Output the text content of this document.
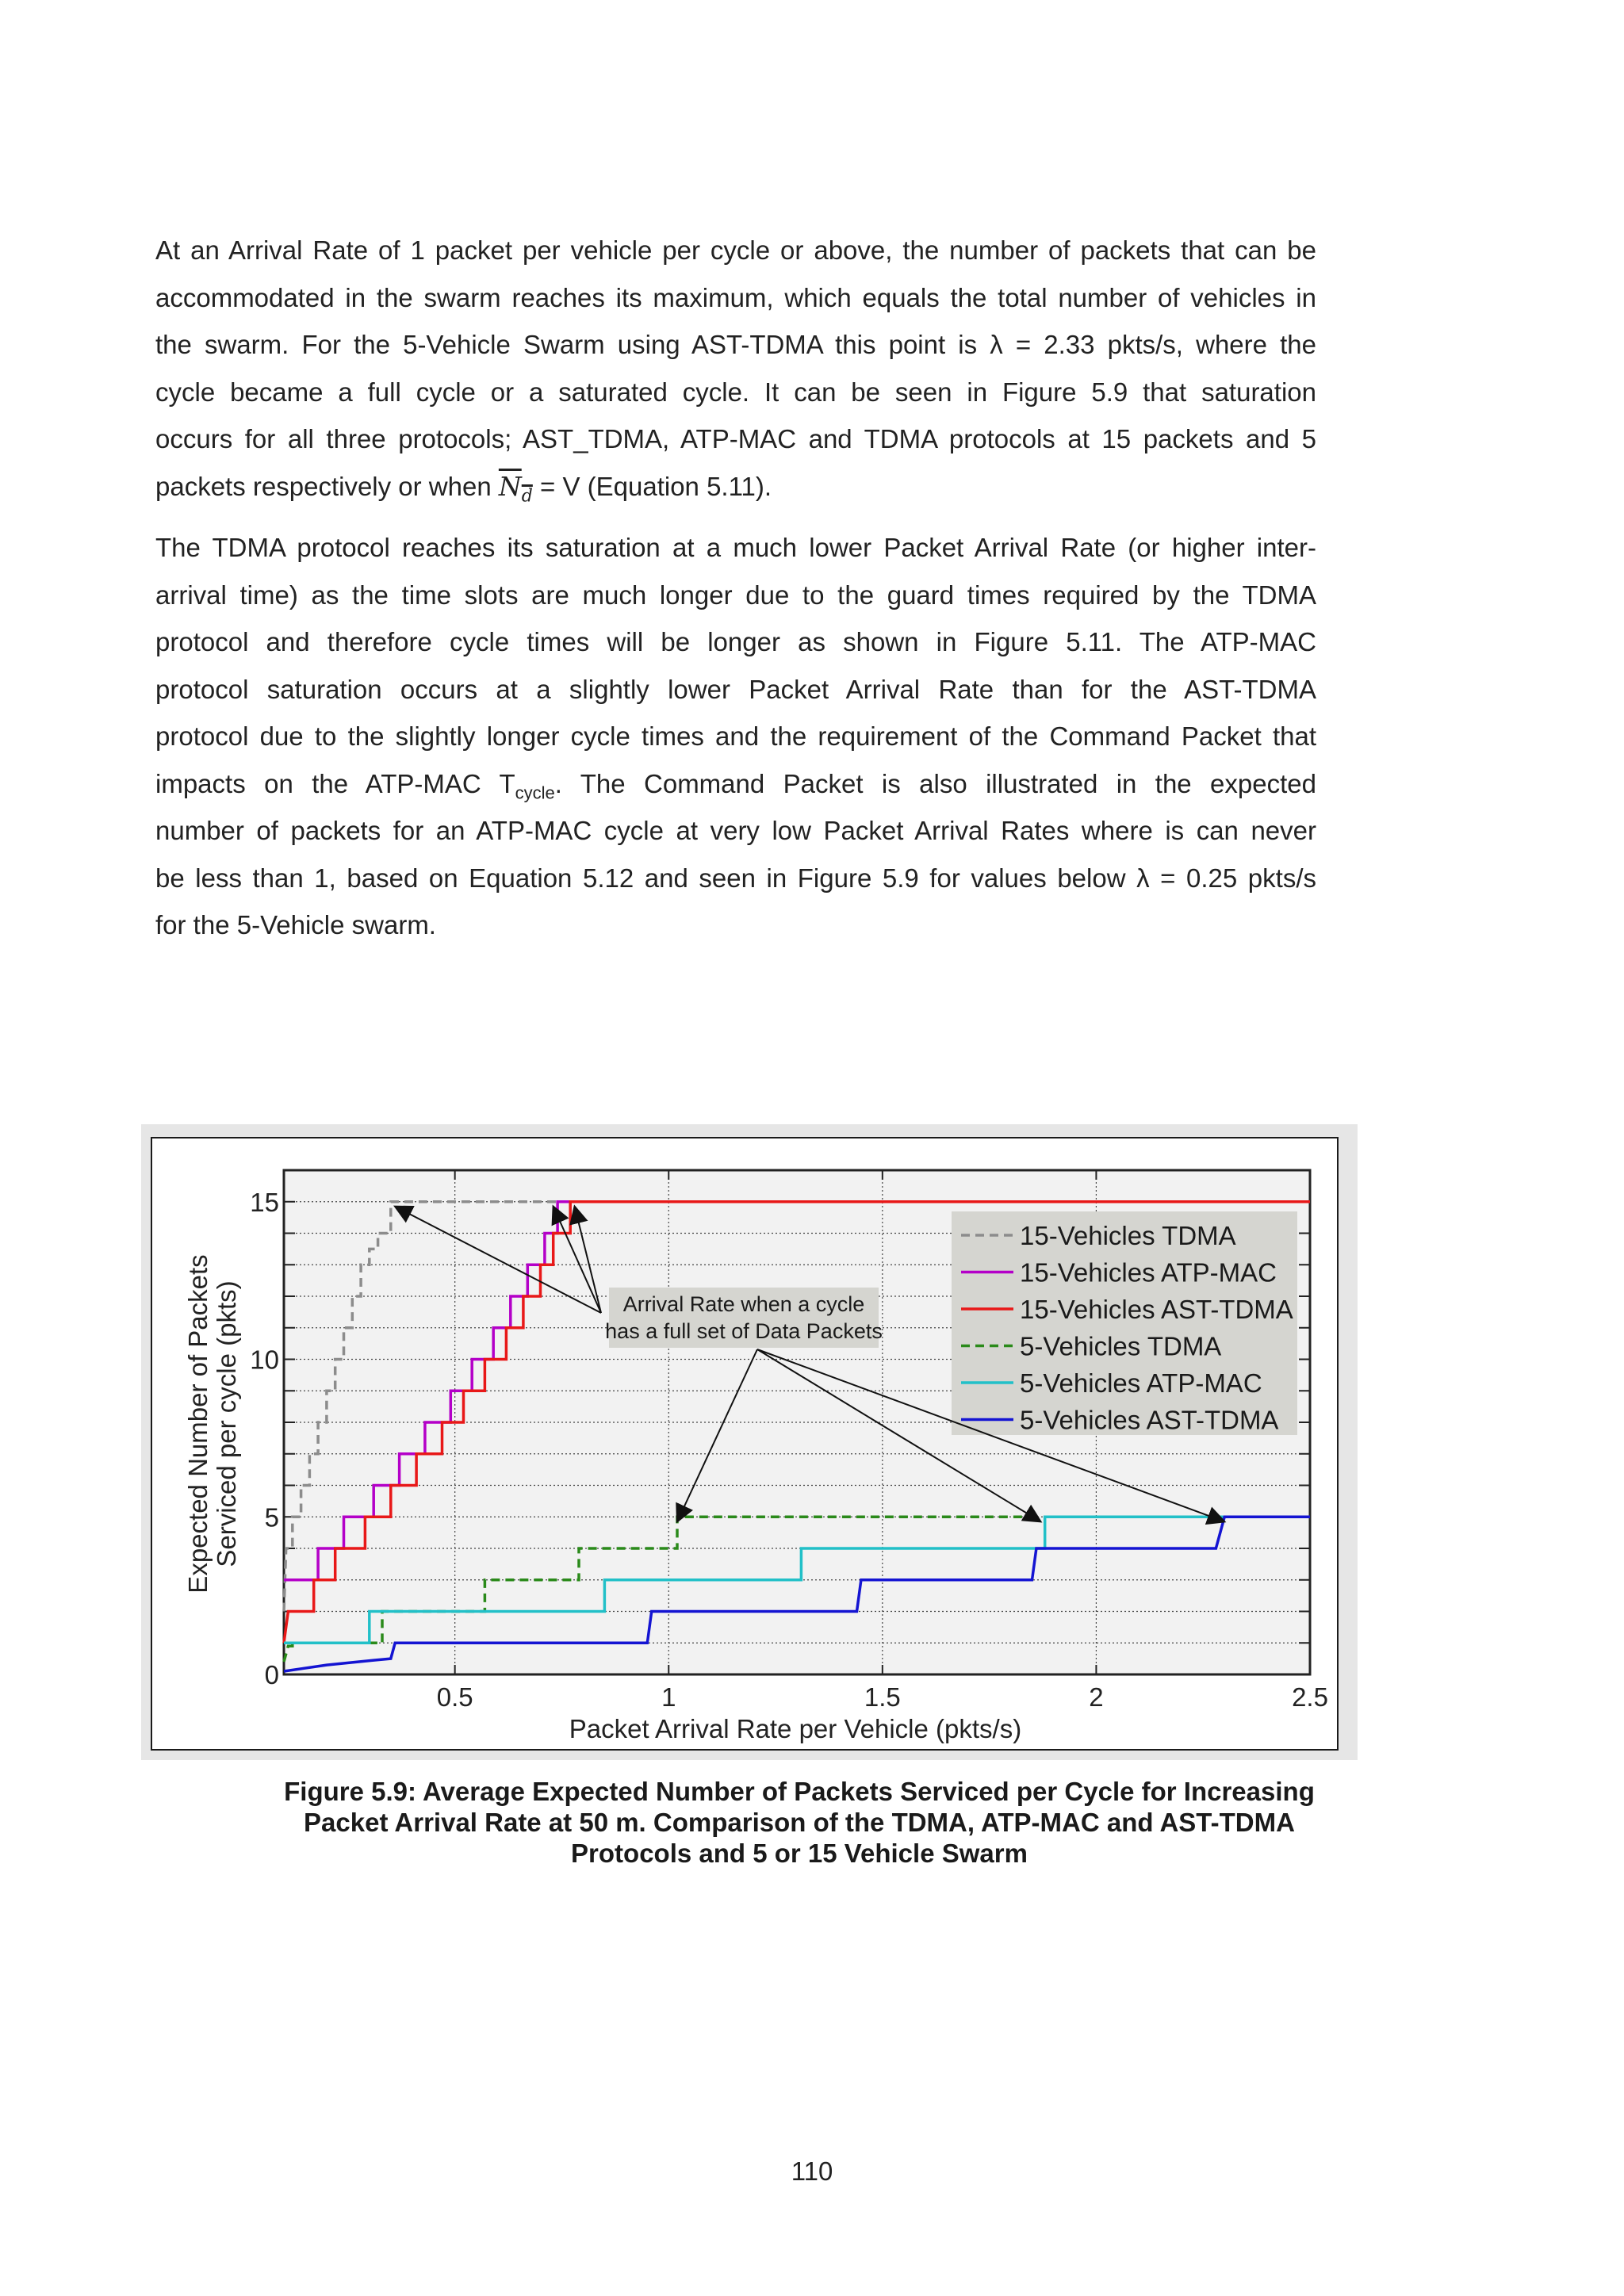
At an Arrival Rate of 1 packet per vehicle per cycle or above, the number of packets that can be
accommodated in the swarm reaches its maximum, which equals the total number of vehicles in
the swarm. For the 5-Vehicle Swarm using AST-TDMA this point is λ = 2.33 pkts/s, where the
cycle became a full cycle or a saturated cycle. It can be seen in Figure 5.9 that saturation
occurs for all three protocols; AST_TDMA, ATP-MAC and TDMA protocols at 15 packets and 5
packets respectively or when $N_d = V$ (Equation 5.11).
The TDMA protocol reaches its saturation at a much lower Packet Arrival Rate (or higher inter-
arrival time) as the time slots are much longer due to the guard times required by the TDMA
protocol and therefore cycle times will be longer as shown in Figure 5.11. The ATP-MAC
protocol saturation occurs at a slightly lower Packet Arrival Rate than for the AST-TDMA
protocol due to the slightly longer cycle times and the requirement of the Command Packet that
impacts on the ATP-MAC $T_{cycle}$. The Command Packet is also illustrated in the expected
number of packets for an ATP-MAC cycle at very low Packet Arrival Rates where is can never
be less than 1, based on Equation 5.12 and seen in Figure 5.9 for values below λ = 0.25 pkts/s
for the 5-Vehicle swarm.
0.5	1	1.5	2	2.5
0
5
10
15
Packet Arrival Rate per Vehicle (pkts/s)
Expected Number of Packets Serviced per cycle (pkts)
15-Vehicles TDMA
15-Vehicles ATP-MAC
15-Vehicles AST-TDMA
5-Vehicles TDMA
5-Vehicles ATP-MAC
5-Vehicles AST-TDMA
Arrival Rate when a cycle
has a full set of Data Packets
Figure 5.9: Average Expected Number of Packets Serviced per Cycle for Increasing
Packet Arrival Rate at 50 m. Comparison of the TDMA, ATP-MAC and AST-TDMA
Protocols and 5 or 15 Vehicle Swarm
110
